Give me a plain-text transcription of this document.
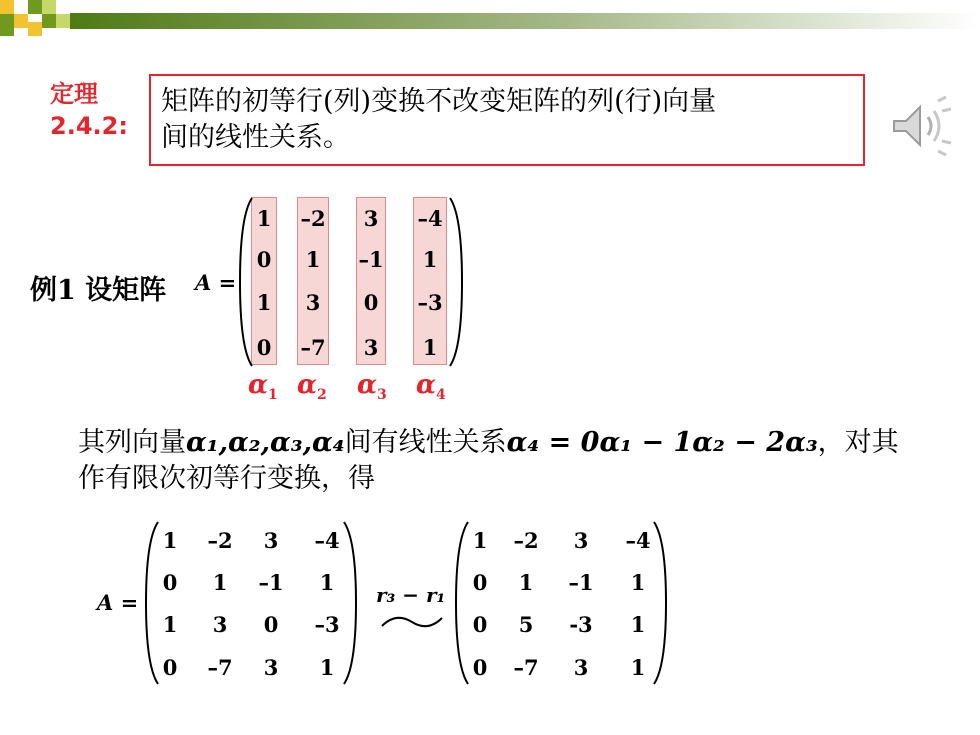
定理
2.4.2:
矩阵的初等行(列)变换不改变矩阵的列(行)向量
间的线性关系。
例1 设矩阵 A =
1	–2	3	–4
0	1	–1	1
1	3	0	–3
0	–7	3	1
$\alpha_1$ $\alpha_2$ $\alpha_3$ $\alpha_4$
其列向量α₁,α₂,α₃,α₄间有线性关系α₄ = 0α₁ − 1α₂ − 2α₃，对其
作有限次初等行变换，得
A =
1	–2	3	–4
0	1	–1	1
1	3	0	–3
0	–7	3	1
r₃ − r₁
1	–2	3	–4
0	1	–1	1
0	5	-3	1
0	–7	3	1
